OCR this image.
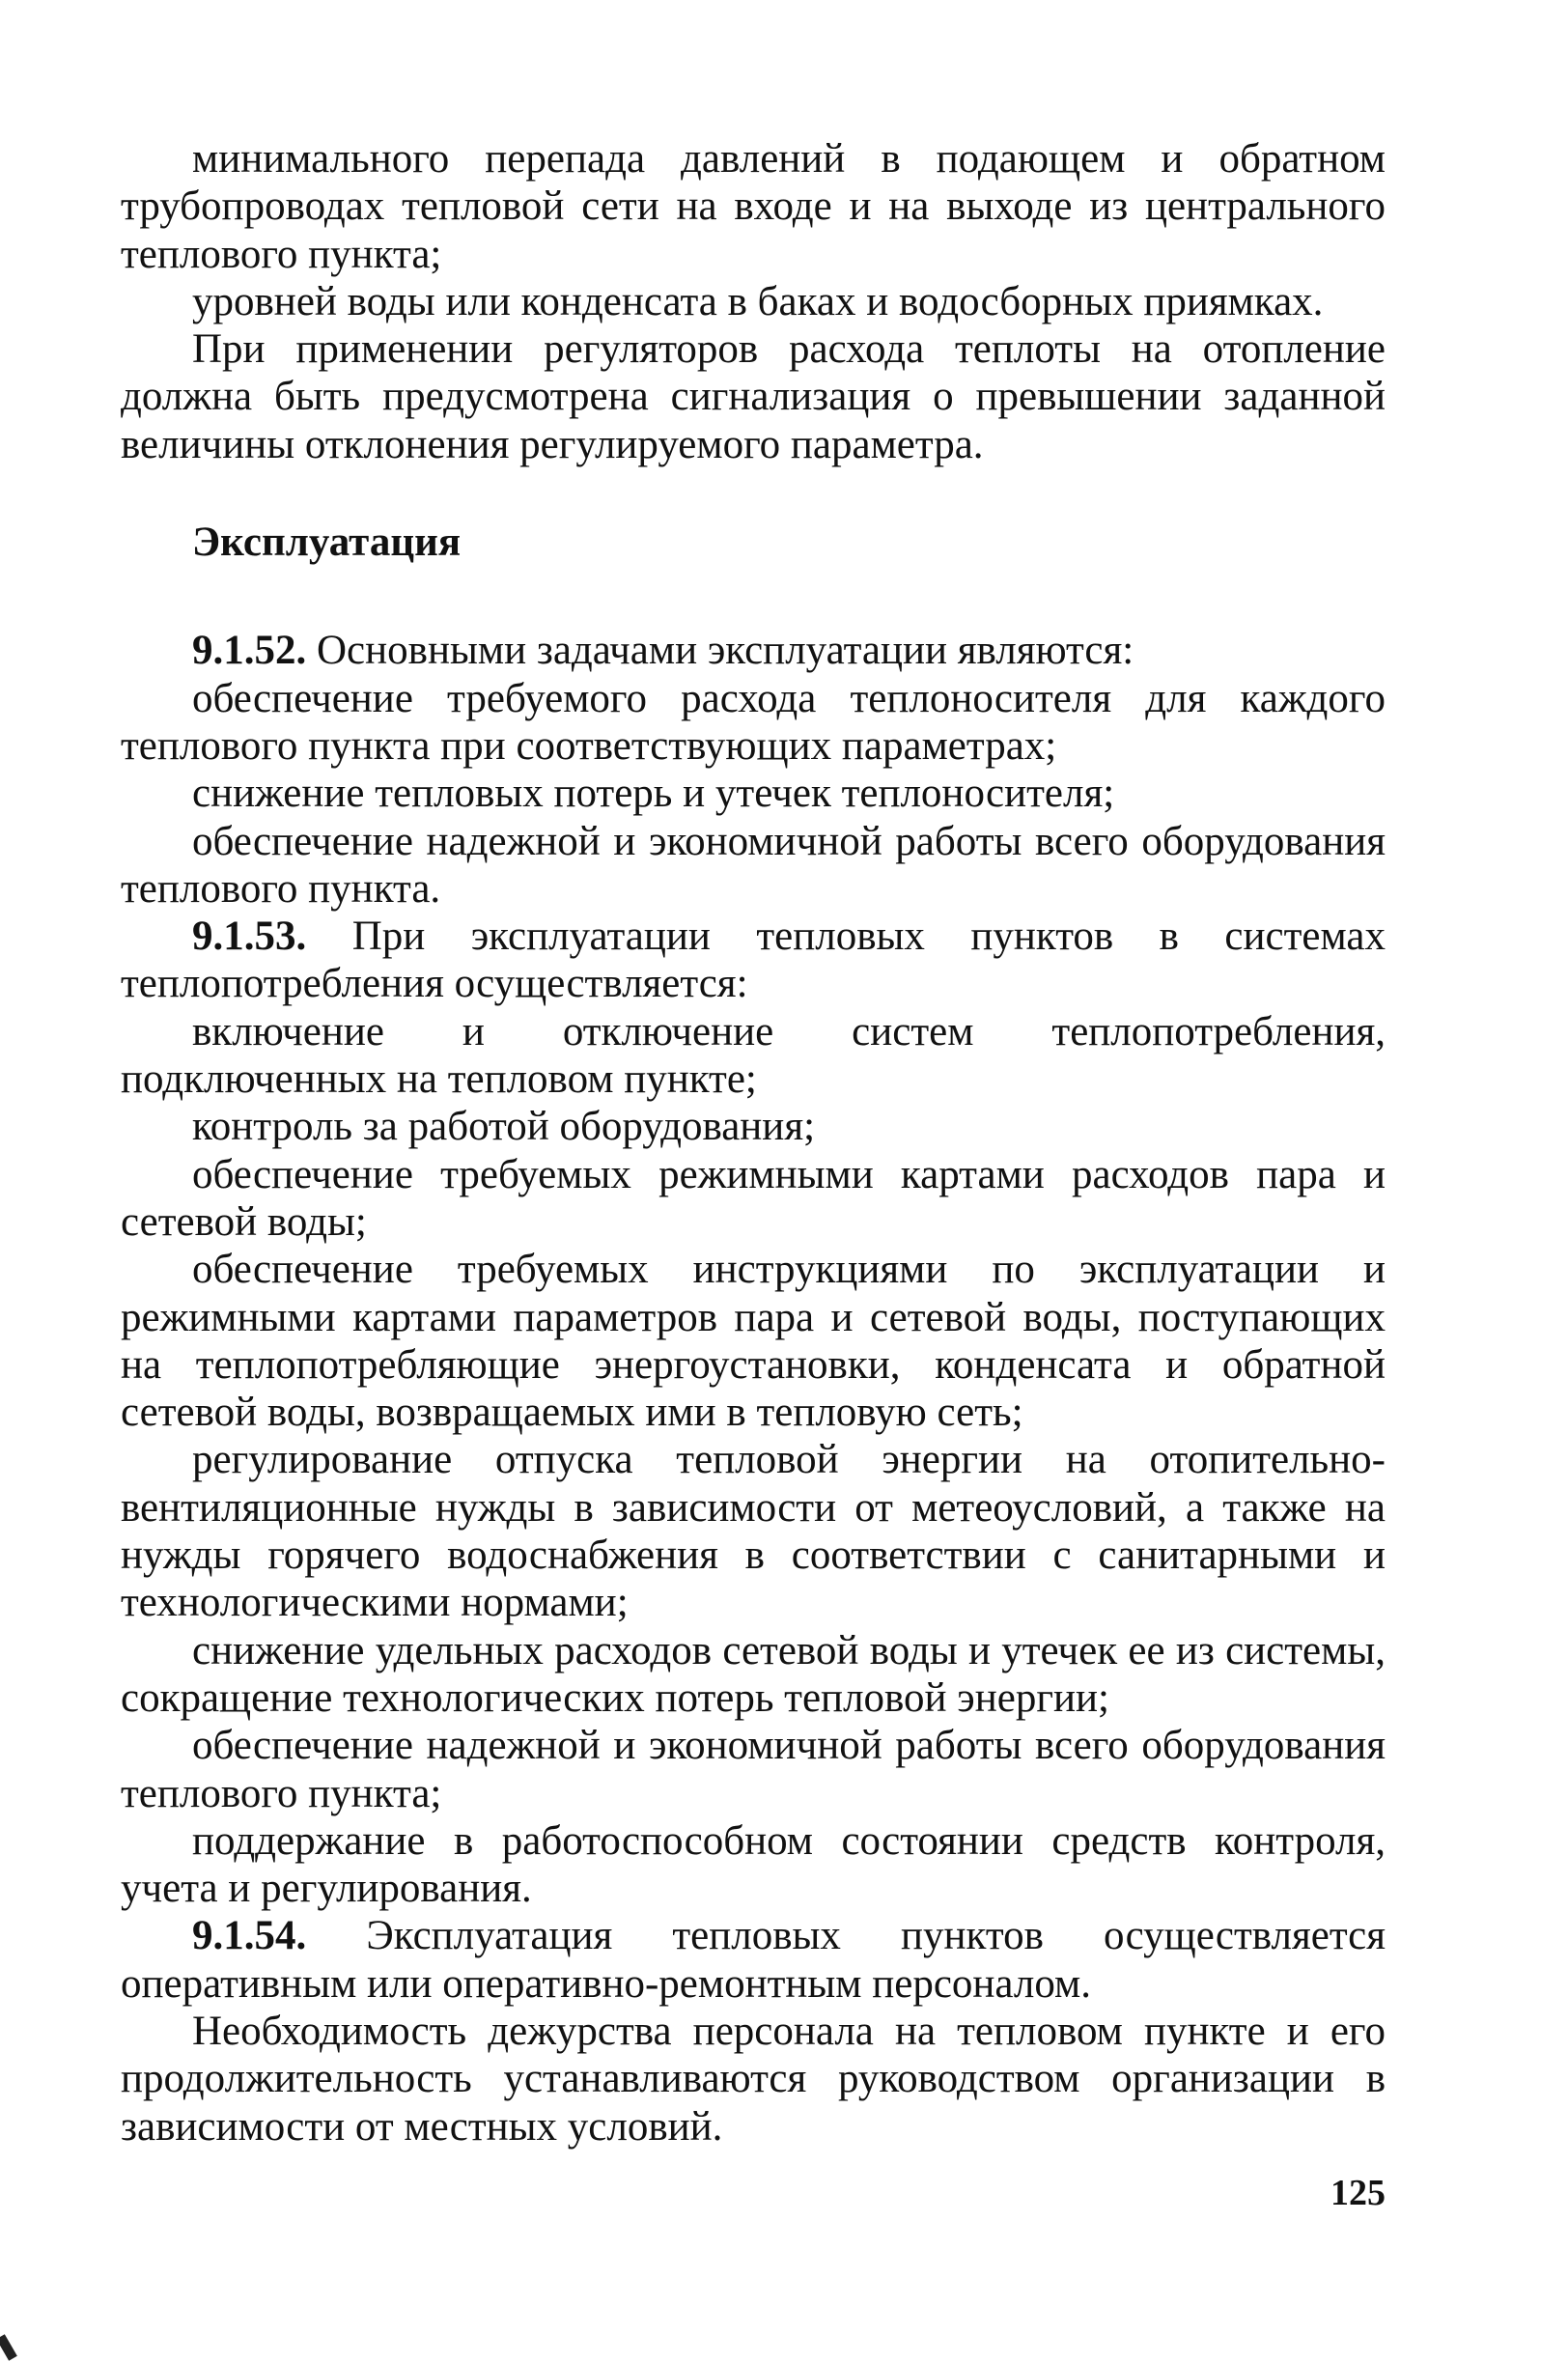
минимального перепада давлений в подающем и обратном трубопроводах тепловой сети на входе и на выходе из центрального теплового пункта;

уровней воды или конденсата в баках и водосборных приямках.

При применении регуляторов расхода теплоты на отопление должна быть предусмотрена сигнализация о превышении заданной величины отклонения регулируемого параметра.

Эксплуатация

9.1.52. Основными задачами эксплуатации являются:

обеспечение требуемого расхода теплоносителя для каждого теплового пункта при соответствующих параметрах;

снижение тепловых потерь и утечек теплоносителя;

обеспечение надежной и экономичной работы всего оборудования теплового пункта.

9.1.53. При эксплуатации тепловых пунктов в системах теплопотребления осуществляется:

включение и отключение систем теплопотребления, подключенных на тепловом пункте;

контроль за работой оборудования;

обеспечение требуемых режимными картами расходов пара и сетевой воды;

обеспечение требуемых инструкциями по эксплуатации и режимными картами параметров пара и сетевой воды, поступающих на теплопотребляющие энергоустановки, конденсата и обратной сетевой воды, возвращаемых ими в тепловую сеть;

регулирование отпуска тепловой энергии на отопительно-вентиляционные нужды в зависимости от метеоусловий, а также на нужды горячего водоснабжения в соответствии с санитарными и технологическими нормами;

снижение удельных расходов сетевой воды и утечек ее из системы, сокращение технологических потерь тепловой энергии;

обеспечение надежной и экономичной работы всего оборудования теплового пункта;

поддержание в работоспособном состоянии средств контроля, учета и регулирования.

9.1.54. Эксплуатация тепловых пунктов осуществляется оперативным или оперативно-ремонтным персоналом.

Необходимость дежурства персонала на тепловом пункте и его продолжительность устанавливаются руководством организации в зависимости от местных условий.

125
